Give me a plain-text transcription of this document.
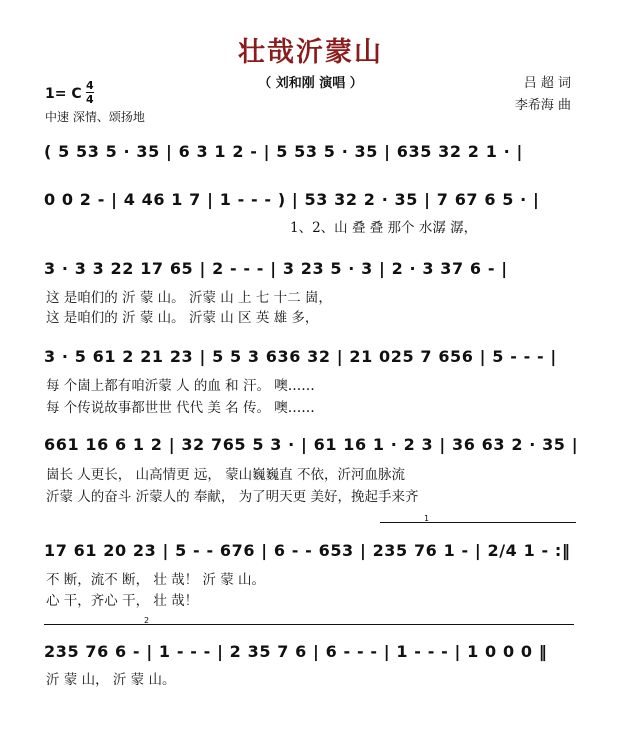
壮哉沂蒙山
（ 刘和刚 演唱 ）
1= C
4
4
中速 深情、颂扬地
吕 超 词
李希海 曲
( 5 53 5 · 35 | 6 3 1 2 - | 5 53 5 · 35 | 635 32 2 1 · |
0 0 2 - | 4 46 1 7 | 1 - - - ) | 53 32 2 · 35 | 7 67 6 5 · |
1、2、山 叠 叠 那个 水潺 潺，
3 · 3 3 22 17 65 | 2 - - - | 3 23 5 · 3 | 2 · 3 37 6 - |
这 是咱们的 沂 蒙 山。 沂蒙 山 上 七 十二 崮，
这 是咱们的 沂 蒙 山。 沂蒙 山 区 英 雄 多，
3 · 5 61 2 21 23 | 5 5 3 636 32 | 21 025 7 656 | 5 - - - |
每 个崮上都有咱沂蒙 人 的血 和 汗。 噢……
每 个传说故事都世世 代代 美 名 传。 噢……
661 16 6 1 2 | 32 765 5 3 · | 61 16 1 · 2 3 | 36 63 2 · 35 |
崮长 人更长， 山高情更 远， 蒙山巍巍直 不依，沂河血脉流
沂蒙 人的奋斗 沂蒙人的 奉献， 为了明天更 美好，挽起手来齐
1
17 61 20 23 | 5 - - 676 | 6 - - 653 | 235 76 1 - | 2/4 1 - :‖
不 断，流不 断， 壮 哉！ 沂 蒙 山。
心 干，齐心 干， 壮 哉！
2
235 76 6 - | 1 - - - | 2 35 7 6 | 6 - - - | 1 - - - | 1 0 0 0 ‖
沂 蒙 山， 沂 蒙 山。
